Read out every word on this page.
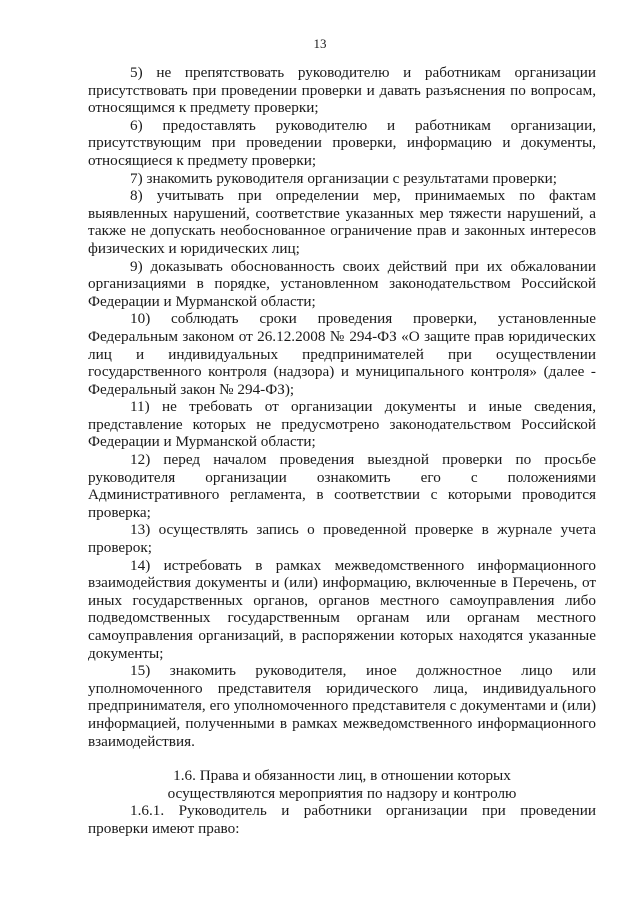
13

5) не препятствовать руководителю и работникам организации присутствовать при проведении проверки и давать разъяснения по вопросам, относящимся к предмету проверки;

6) предоставлять руководителю и работникам организации, присутствующим при проведении проверки, информацию и документы, относящиеся к предмету проверки;

7) знакомить руководителя организации с результатами проверки;

8) учитывать при определении мер, принимаемых по фактам выявленных нарушений, соответствие указанных мер тяжести нарушений, а также не допускать необоснованное ограничение прав и законных интересов физических и юридических лиц;

9) доказывать обоснованность своих действий при их обжаловании организациями в порядке, установленном законодательством Российской Федерации и Мурманской области;

10) соблюдать сроки проведения проверки, установленные Федеральным законом от 26.12.2008 № 294-ФЗ «О защите прав юридических лиц и индивидуальных предпринимателей при осуществлении государственного контроля (надзора) и муниципального контроля» (далее - Федеральный закон № 294-ФЗ);

11) не требовать от организации документы и иные сведения, представление которых не предусмотрено законодательством Российской Федерации и Мурманской области;

12) перед началом проведения выездной проверки по просьбе руководителя организации ознакомить его с положениями Административного регламента, в соответствии с которыми проводится проверка;

13) осуществлять запись о проведенной проверке в журнале учета проверок;

14) истребовать в рамках межведомственного информационного взаимодействия документы и (или) информацию, включенные в Перечень, от иных государственных органов, органов местного самоуправления либо подведомственных государственным органам или органам местного самоуправления организаций, в распоряжении которых находятся указанные документы;

15) знакомить руководителя, иное должностное лицо или уполномоченного представителя юридического лица, индивидуального предпринимателя, его уполномоченного представителя с документами и (или) информацией, полученными в рамках межведомственного информационного взаимодействия.

1.6. Права и обязанности лиц, в отношении которых
осуществляются мероприятия по надзору и контролю

1.6.1. Руководитель и работники организации при проведении проверки имеют право:
